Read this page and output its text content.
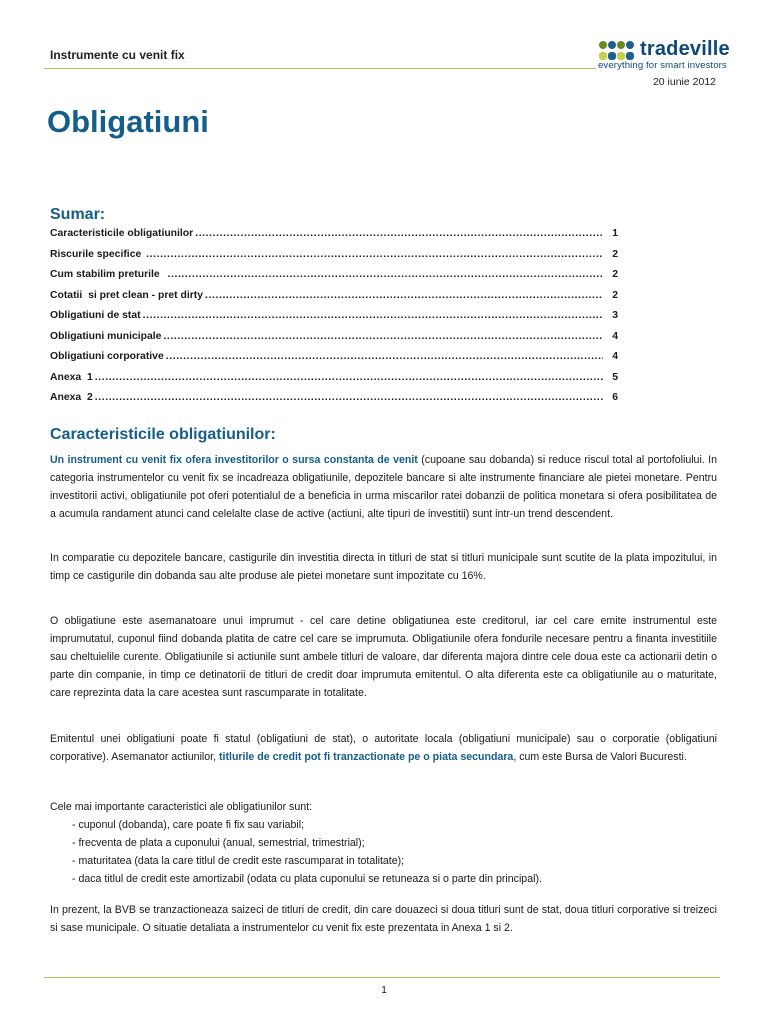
Instrumente cu venit fix	tradeville
everything for smart investors
20 iunie 2012
Obligatiuni
Sumar:
Caracteristicile obligatiunilor .....	1
Riscurile specifice .....	2
Cum stabilim preturile .....	2
Cotatii  si pret clean - pret dirty .....	2
Obligatiuni de stat .....	3
Obligatiuni municipale .....	4
Obligatiuni corporative .....	4
Anexa  1 .....	5
Anexa  2 .....	6
Caracteristicile obligatiunilor:

Un instrument cu venit fix ofera investitorilor o sursa constanta de venit (cupoane sau dobanda) si reduce riscul total al portofoliului. In categoria instrumentelor cu venit fix se incadreaza obligatiunile, depozitele bancare si alte instrumente financiare ale pietei monetare. Pentru investitorii activi, obligatiunile pot oferi potentialul de a beneficia in urma miscarilor ratei dobanzii de politica monetara si ofera posibilitatea de a acumula randament atunci cand celelalte clase de active (actiuni, alte tipuri de investitii) sunt intr-un trend descendent.

In comparatie cu depozitele bancare, castigurile din investitia directa in titluri de stat si titluri municipale sunt scutite de la plata impozitului, in timp ce castigurile din dobanda sau alte produse ale pietei monetare sunt impozitate cu 16%.

O obligatiune este asemanatoare unui imprumut - cel care detine obligatiunea este creditorul, iar cel care emite instrumentul este imprumutatul, cuponul fiind dobanda platita de catre cel care se imprumuta. Obligatiunile ofera fondurile necesare pentru a finanta investitiile sau cheltuielile curente. Obligatiunile si actiunile sunt ambele titluri de valoare, dar diferenta majora dintre cele doua este ca actionarii detin o parte din companie, in timp ce detinatorii de titluri de credit doar imprumuta emitentul. O alta diferenta este ca obligatiunile au o maturitate, care reprezinta data la care acestea sunt rascumparate in totalitate.

Emitentul unei obligatiuni poate fi statul (obligatiuni de stat), o autoritate locala (obligatiuni municipale) sau o corporatie (obligatiuni corporative). Asemanator actiunilor, titlurile de credit pot fi tranzactionate pe o piata secundara, cum este Bursa de Valori Bucuresti.

Cele mai importante caracteristici ale obligatiunilor sunt:
- cuponul (dobanda), care poate fi fix sau variabil;
- frecventa de plata a cuponului (anual, semestrial, trimestrial);
- maturitatea (data la care titlul de credit este rascumparat in totalitate);
- daca titlul de credit este amortizabil (odata cu plata cuponului se retuneaza si o parte din principal).

In prezent, la BVB se tranzactioneaza saizeci de titluri de credit, din care douazeci si doua titluri sunt de stat, doua titluri corporative si treizeci si sase municipale. O situatie detaliata a instrumentelor cu venit fix este prezentata in Anexa 1 si 2.

1
